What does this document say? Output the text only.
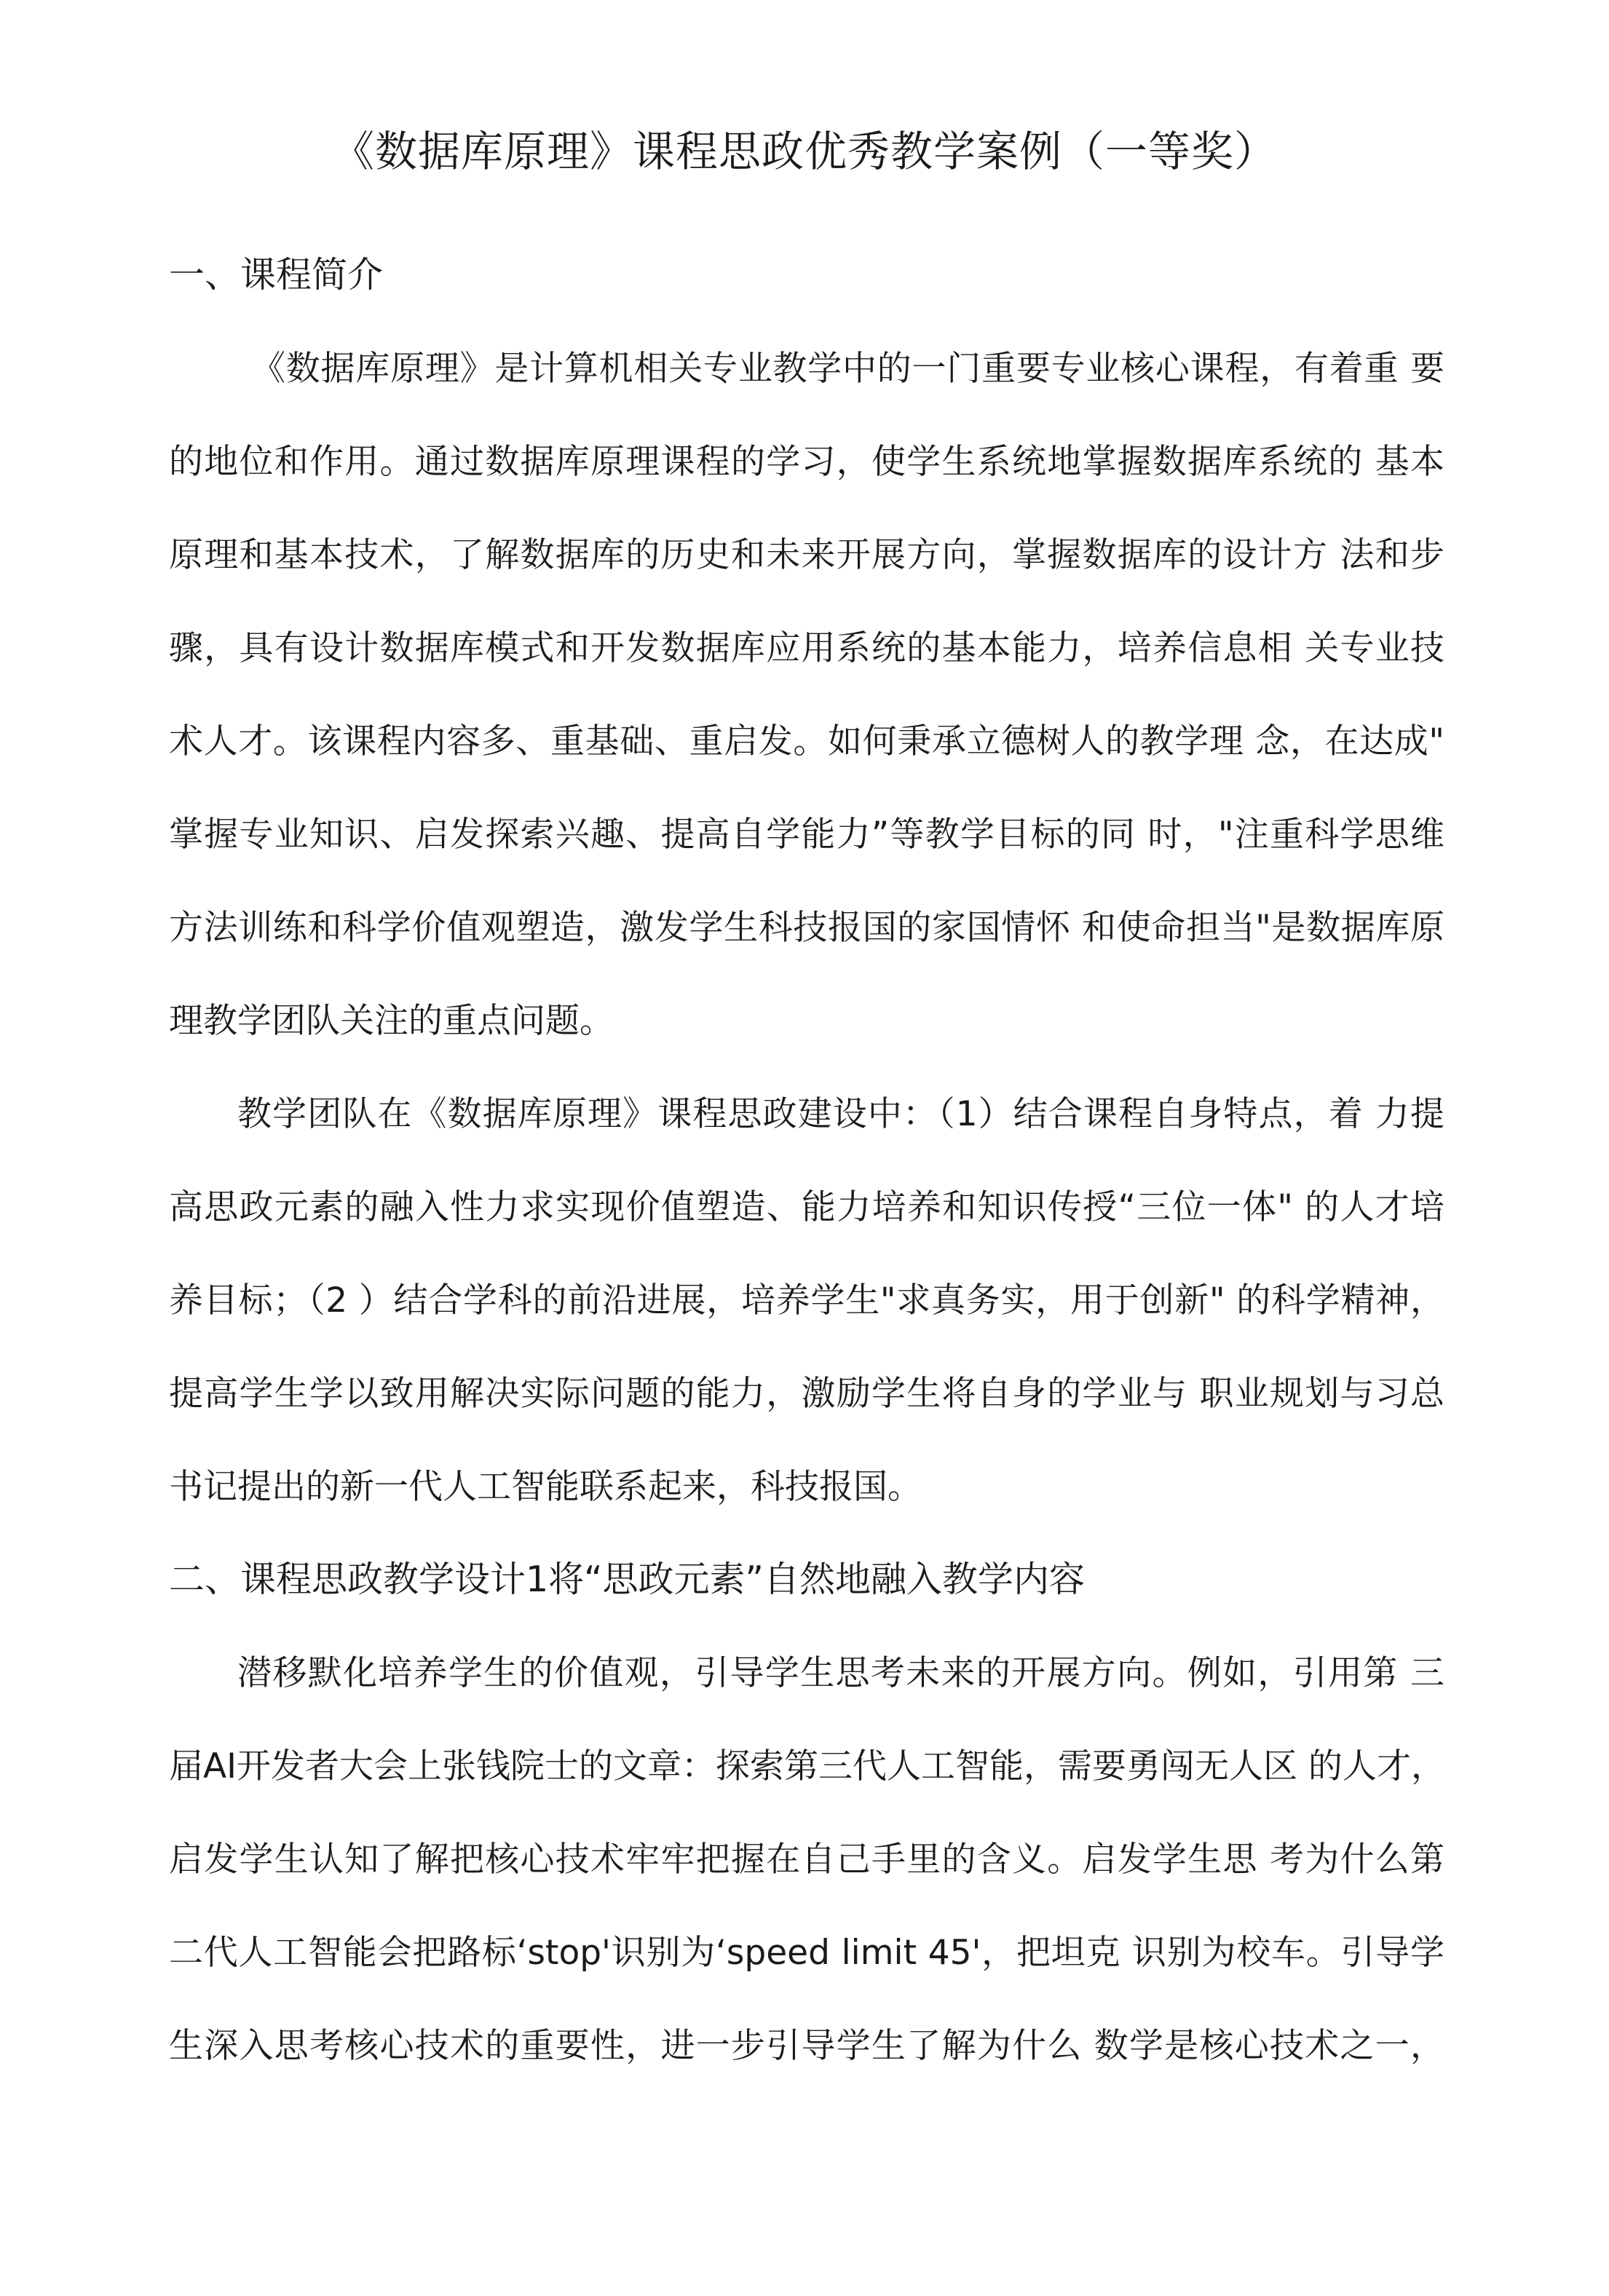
《数据库原理》课程思政优秀教学案例（一等奖）
一、课程简介
《数据库原理》是计算机相关专业教学中的一门重要专业核心课程，有着重 要
的地位和作用。通过数据库原理课程的学习，使学生系统地掌握数据库系统的 基本
原理和基本技术，了解数据库的历史和未来开展方向，掌握数据库的设计方 法和步
骤，具有设计数据库模式和开发数据库应用系统的基本能力，培养信息相 关专业技
术人才。该课程内容多、重基础、重启发。如何秉承立德树人的教学理 念，在达成"
掌握专业知识、启发探索兴趣、提高自学能力”等教学目标的同 时，"注重科学思维
方法训练和科学价值观塑造，激发学生科技报国的家国情怀 和使命担当"是数据库原
理教学团队关注的重点问题。
教学团队在《数据库原理》课程思政建设中：（1）结合课程自身特点，着 力提
高思政元素的融入性力求实现价值塑造、能力培养和知识传授“三位一体" 的人才培
养目标；（2 ）结合学科的前沿进展，培养学生"求真务实，用于创新" 的科学精神，
提高学生学以致用解决实际问题的能力，激励学生将自身的学业与 职业规划与习总
书记提出的新一代人工智能联系起来，科技报国。
二、课程思政教学设计1将“思政元素”自然地融入教学内容
潜移默化培养学生的价值观，引导学生思考未来的开展方向。例如，引用第 三
届AI开发者大会上张钱院士的文章：探索第三代人工智能，需要勇闯无人区 的人才，
启发学生认知了解把核心技术牢牢把握在自己手里的含义。启发学生思 考为什么第
二代人工智能会把路标‘stop'识别为‘speed limit 45'，把坦克 识别为校车。引导学
生深入思考核心技术的重要性，进一步引导学生了解为什么 数学是核心技术之一，
